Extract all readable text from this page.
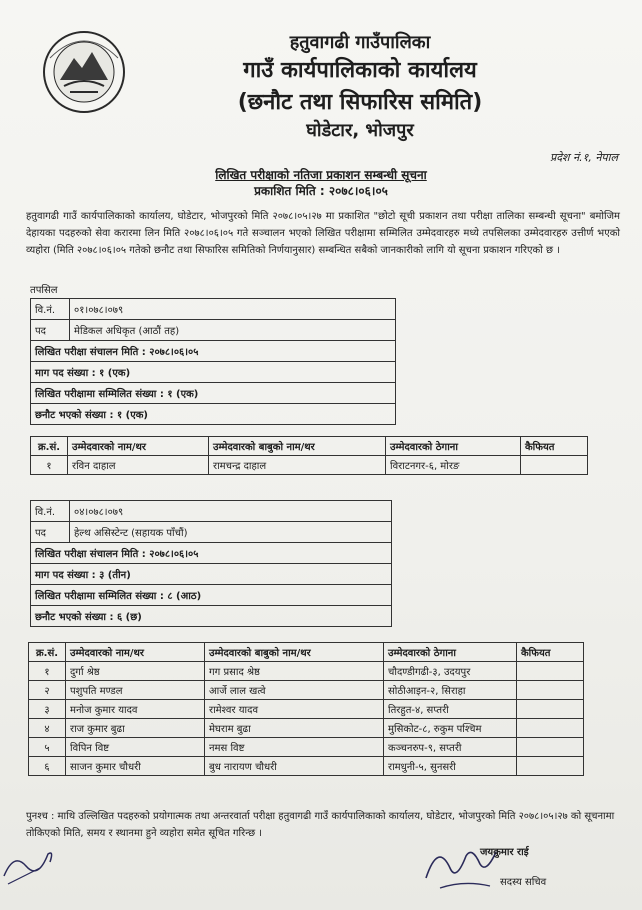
हतुवागढी गाउँपालिका
गाउँ कार्यपालिकाको कार्यालय
(छनौट तथा सिफारिस समिति)
घोडेटार, भोजपुर
प्रदेश नं.१, नेपाल
लिखित परीक्षाको नतिजा प्रकाशन सम्बन्धी सूचना
प्रकाशित मिति : २०७८।०६।०५
हतुवागढी गाउँ कार्यपालिकाको कार्यालय, घोडेटार, भोजपुरको मिति २०७८।०५।२७ मा प्रकाशित "छोटो सूची प्रकाशन तथा परीक्षा तालिका सम्बन्धी सूचना" बमोजिम देहायका पदहरुको सेवा करारमा लिन मिति २०७८।०६।०५ गते सञ्चालन भएको लिखित परीक्षामा सम्मिलित उम्मेदवारहरु मध्ये तपसिलका उम्मेदवारहरु उत्तीर्ण भएको व्यहोरा (मिति २०७८।०६।०५ गतेको छनौट तथा सिफारिस समितिको निर्णयानुसार) सम्बन्धित सबैको जानकारीको लागि यो सूचना प्रकाशन गरिएको छ ।
तपसिल
वि.नं.	०१।०७८।०७९
पद	मेडिकल अधिकृत (आठौं तह)
लिखित परीक्षा संचालन मिति : २०७८।०६।०५	
माग पद संख्या : १ (एक)	
लिखित परीक्षामा सम्मिलित संख्या : १ (एक)	
छनौट भएको संख्या : १ (एक)	
क्र.सं.	उम्मेदवारको नाम/थर	उम्मेदवारको बाबुको नाम/थर	उम्मेदवारको ठेगाना	कैफियत
१	रविन दाहाल	रामचन्द्र दाहाल	विराटनगर-६, मोरङ	
वि.नं.	०४।०७८।०७९
पद	हेल्थ असिस्टेन्ट (सहायक पाँचौं)
लिखित परीक्षा संचालन मिति : २०७८।०६।०५	
माग पद संख्या : ३ (तीन)	
लिखित परीक्षामा सम्मिलित संख्या : ८ (आठ)	
छनौट भएको संख्या : ६ (छ)	
क्र.सं.	उम्मेदवारको नाम/थर	उम्मेदवारको बाबुको नाम/थर	उम्मेदवारको ठेगाना	कैफियत
१	दुर्गा श्रेष्ठ	गग प्रसाद श्रेष्ठ	चौदण्डीगढी-३, उदयपुर	
२	पशुपति मण्डल	आर्जे लाल खत्वे	सोठीआइन-२, सिराहा	
३	मनोज कुमार यादव	रामेश्वर यादव	तिरहुत-४, सप्तरी	
४	राज कुमार बुढा	मेघराम बुढा	मुसिकोट-८, रुकुम पश्चिम	
५	विपिन विष्ट	नमस विष्ट	कञ्चनरुप-९, सप्तरी	
६	साजन कुमार चौधरी	बुध नारायण चौधरी	रामधुनी-५, सुनसरी	
पुनश्च : माथि उल्लिखित पदहरुको प्रयोगात्मक तथा अन्तरवार्ता परीक्षा हतुवागढी गाउँ कार्यपालिकाको कार्यालय, घोडेटार, भोजपुरको मिति २०७८।०५।२७ को सूचनामा तोकिएको मिति, समय र स्थानमा हुने व्यहोरा समेत सूचित गरिन्छ ।
जयकुमार राई
सदस्य सचिव
